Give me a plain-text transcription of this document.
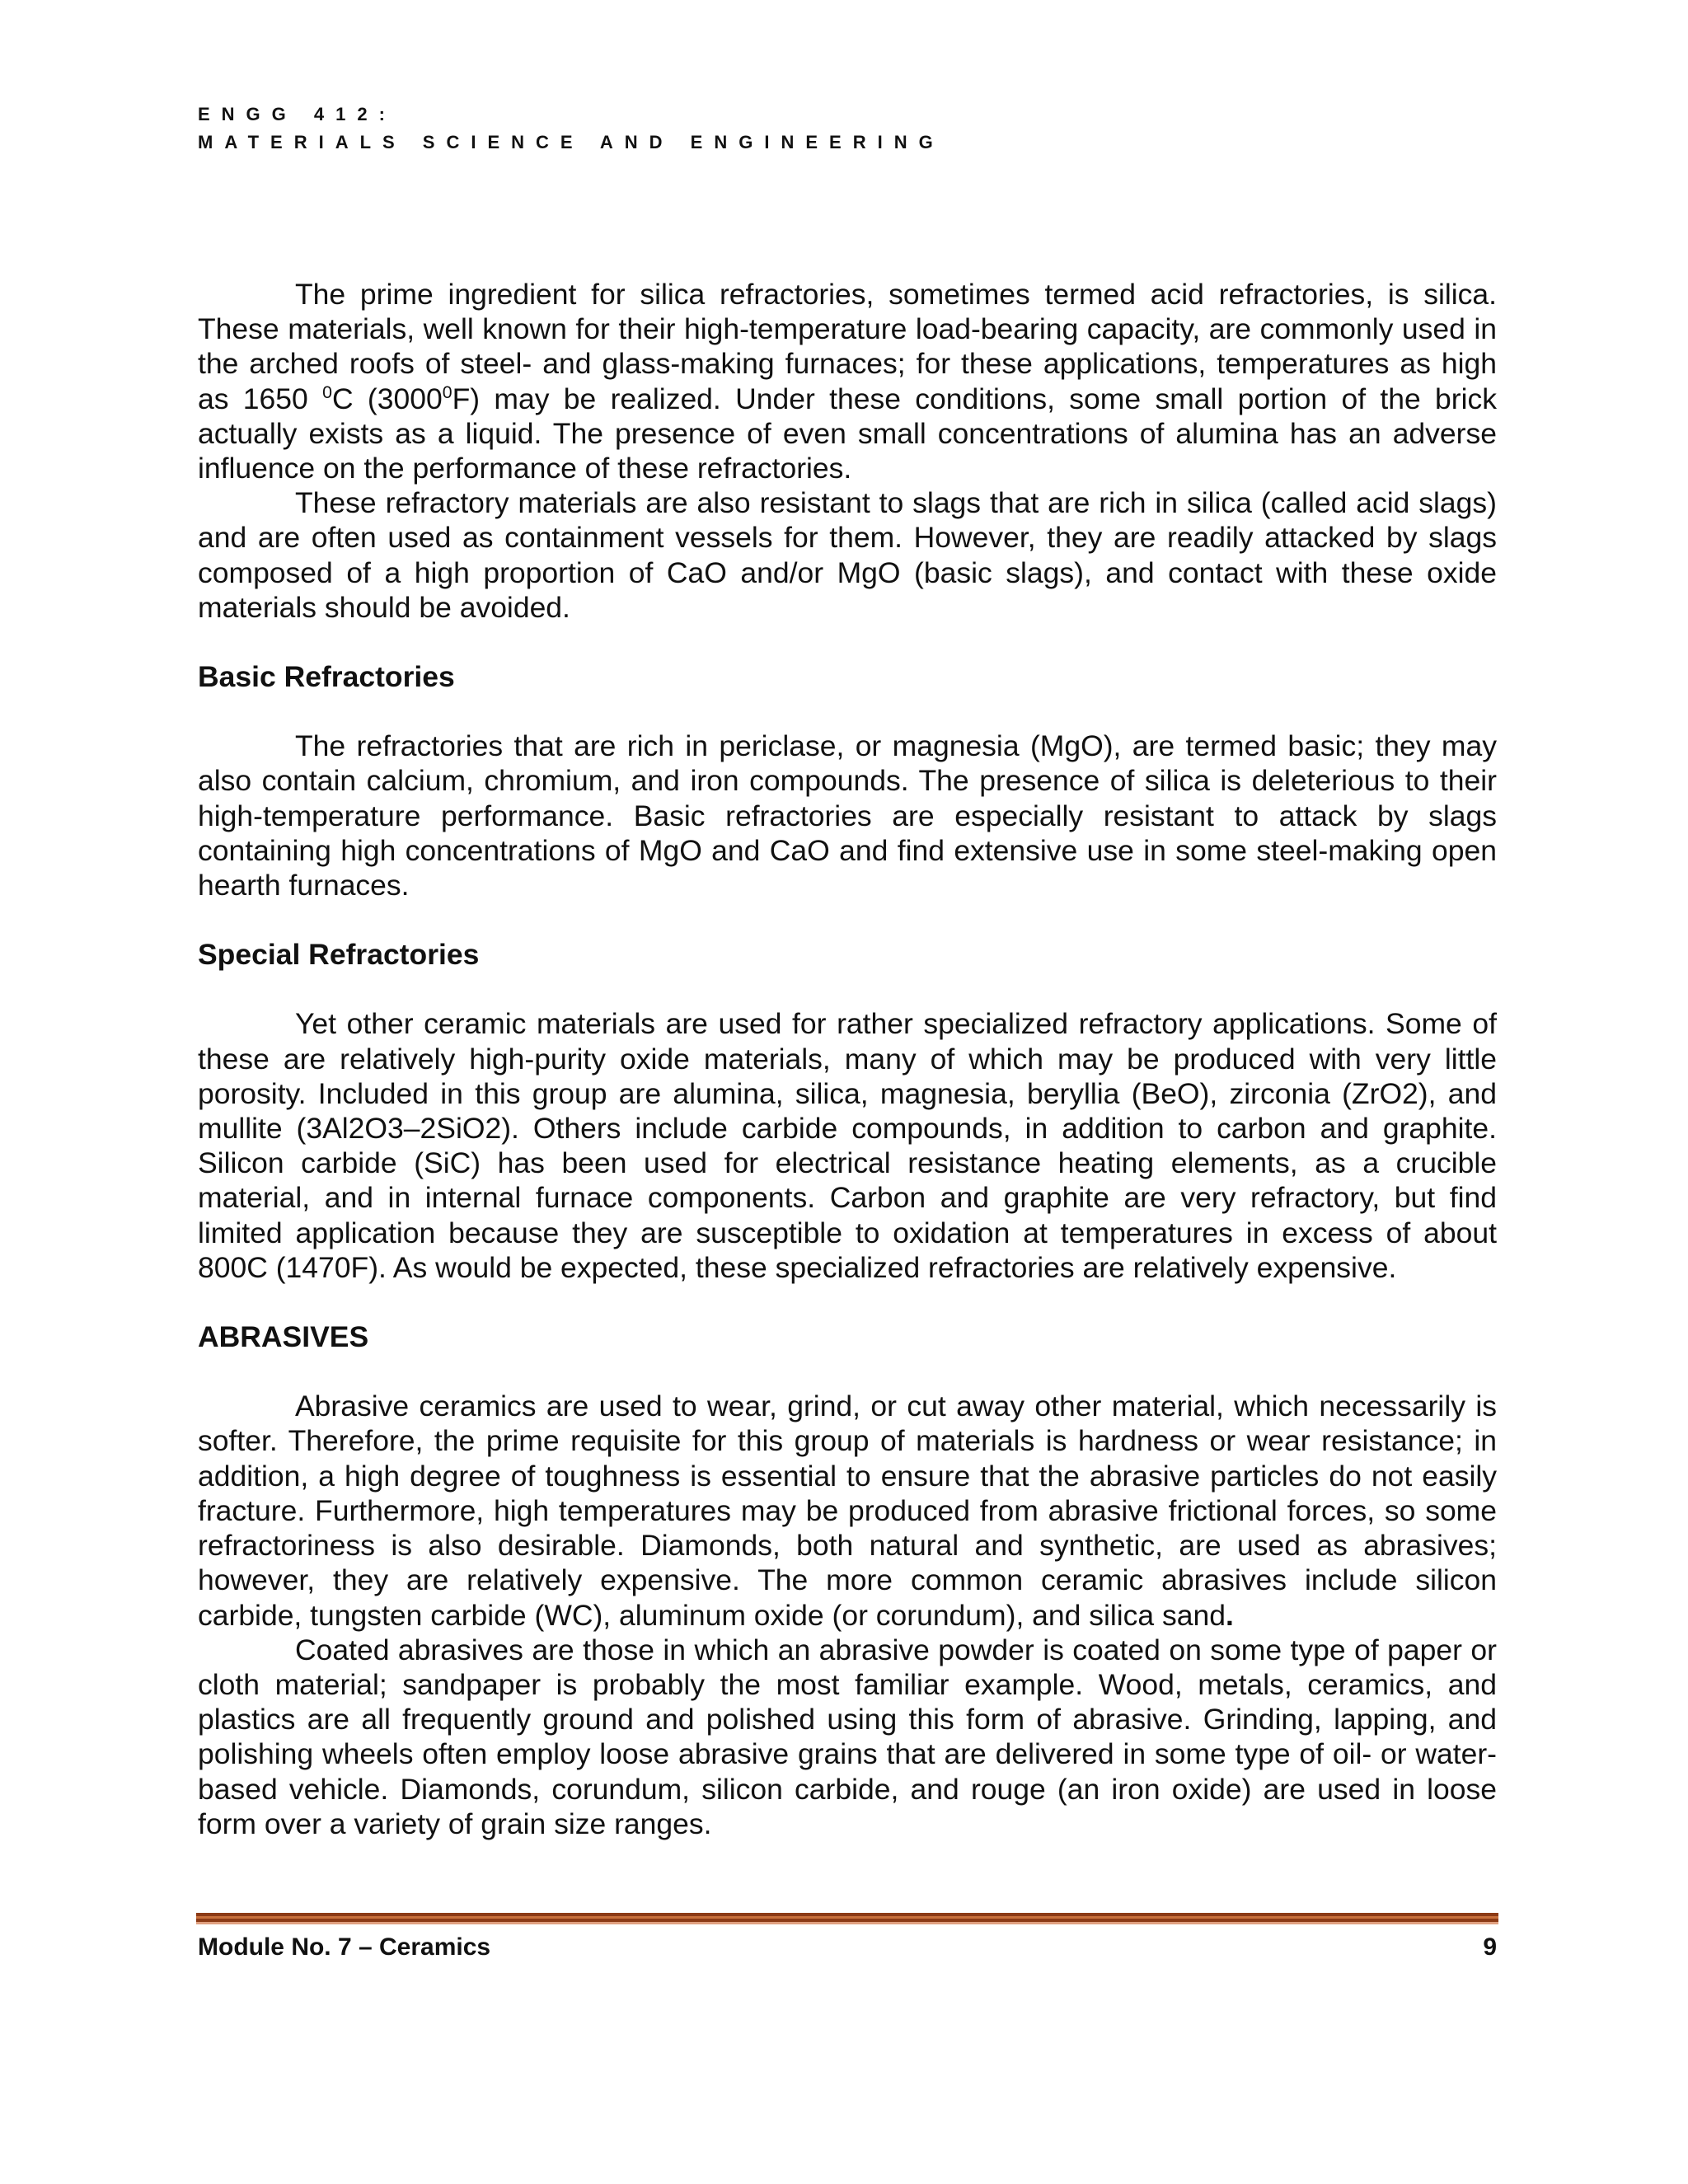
ENGG 412:
MATERIALS SCIENCE AND ENGINEERING

The prime ingredient for silica refractories, sometimes termed acid refractories, is silica. These materials, well known for their high-temperature load-bearing capacity, are commonly used in the arched roofs of steel- and glass-making furnaces; for these applications, temperatures as high as 1650 $^0$C (3000$^0$F) may be realized. Under these conditions, some small portion of the brick actually exists as a liquid. The presence of even small concentrations of alumina has an adverse influence on the performance of these refractories.

These refractory materials are also resistant to slags that are rich in silica (called acid slags) and are often used as containment vessels for them. However, they are readily attacked by slags composed of a high proportion of CaO and/or MgO (basic slags), and contact with these oxide materials should be avoided.

Basic Refractories

The refractories that are rich in periclase, or magnesia (MgO), are termed basic; they may also contain calcium, chromium, and iron compounds. The presence of silica is deleterious to their high-temperature performance. Basic refractories are especially resistant to attack by slags containing high concentrations of MgO and CaO and find extensive use in some steel-making open hearth furnaces.

Special Refractories

Yet other ceramic materials are used for rather specialized refractory applications. Some of these are relatively high-purity oxide materials, many of which may be produced with very little porosity. Included in this group are alumina, silica, magnesia, beryllia (BeO), zirconia (ZrO2), and mullite (3Al2O3–2SiO2). Others include carbide compounds, in addition to carbon and graphite. Silicon carbide (SiC) has been used for electrical resistance heating elements, as a crucible material, and in internal furnace components. Carbon and graphite are very refractory, but find limited application because they are susceptible to oxidation at temperatures in excess of about 800C (1470F). As would be expected, these specialized refractories are relatively expensive.

ABRASIVES

Abrasive ceramics are used to wear, grind, or cut away other material, which necessarily is softer. Therefore, the prime requisite for this group of materials is hardness or wear resistance; in addition, a high degree of toughness is essential to ensure that the abrasive particles do not easily fracture. Furthermore, high temperatures may be produced from abrasive frictional forces, so some refractoriness is also desirable. Diamonds, both natural and synthetic, are used as abrasives; however, they are relatively expensive. The more common ceramic abrasives include silicon carbide, tungsten carbide (WC), aluminum oxide (or corundum), and silica sand.

Coated abrasives are those in which an abrasive powder is coated on some type of paper or cloth material; sandpaper is probably the most familiar example. Wood, metals, ceramics, and plastics are all frequently ground and polished using this form of abrasive. Grinding, lapping, and polishing wheels often employ loose abrasive grains that are delivered in some type of oil- or water-based vehicle. Diamonds, corundum, silicon carbide, and rouge (an iron oxide) are used in loose form over a variety of grain size ranges.

Module No. 7 – Ceramics	9
